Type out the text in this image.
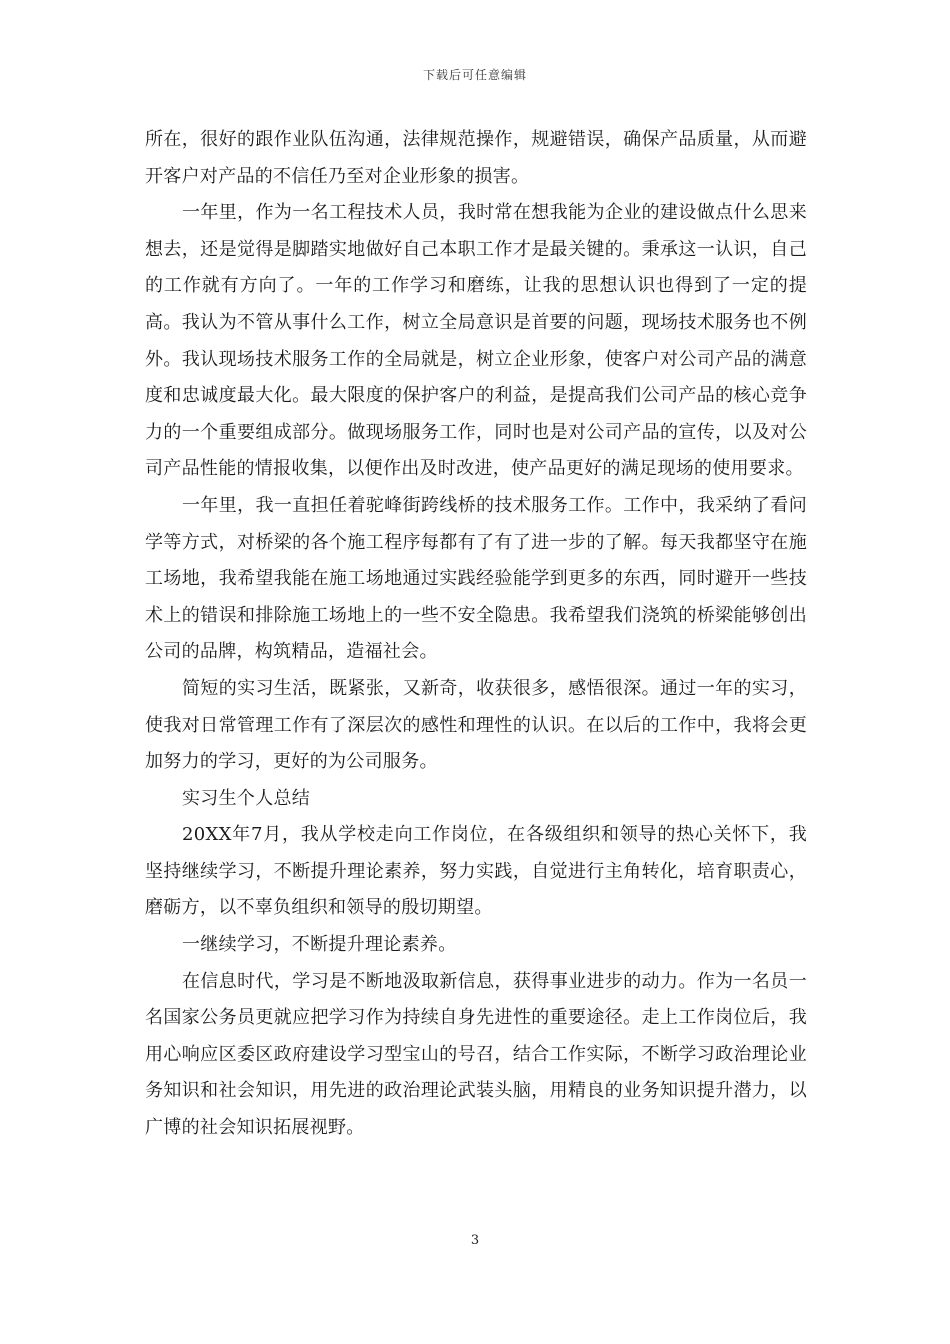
下载后可任意编辑

所在，很好的跟作业队伍沟通，法律规范操作，规避错误，确保产品质量，从而避开客户对产品的不信任乃至对企业形象的损害。

一年里，作为一名工程技术人员，我时常在想我能为企业的建设做点什么思来想去，还是觉得是脚踏实地做好自己本职工作才是最关键的。秉承这一认识，自己的工作就有方向了。一年的工作学习和磨练，让我的思想认识也得到了一定的提高。我认为不管从事什么工作，树立全局意识是首要的问题，现场技术服务也不例外。我认现场技术服务工作的全局就是，树立企业形象，使客户对公司产品的满意度和忠诚度最大化。最大限度的保护客户的利益，是提高我们公司产品的核心竞争力的一个重要组成部分。做现场服务工作，同时也是对公司产品的宣传，以及对公司产品性能的情报收集，以便作出及时改进，使产品更好的满足现场的使用要求。

一年里，我一直担任着驼峰街跨线桥的技术服务工作。工作中，我采纳了看问学等方式，对桥梁的各个施工程序每都有了有了进一步的了解。每天我都坚守在施工场地，我希望我能在施工场地通过实践经验能学到更多的东西，同时避开一些技术上的错误和排除施工场地上的一些不安全隐患。我希望我们浇筑的桥梁能够创出公司的品牌，构筑精品，造福社会。

简短的实习生活，既紧张，又新奇，收获很多，感悟很深。通过一年的实习，使我对日常管理工作有了深层次的感性和理性的认识。在以后的工作中，我将会更加努力的学习，更好的为公司服务。

实习生个人总结

20XX年7月，我从学校走向工作岗位，在各级组织和领导的热心关怀下，我坚持继续学习，不断提升理论素养，努力实践，自觉进行主角转化，培育职责心，磨砺方，以不辜负组织和领导的殷切期望。

一继续学习，不断提升理论素养。

在信息时代，学习是不断地汲取新信息，获得事业进步的动力。作为一名员一名国家公务员更就应把学习作为持续自身先进性的重要途径。走上工作岗位后，我用心响应区委区政府建设学习型宝山的号召，结合工作实际，不断学习政治理论业务知识和社会知识，用先进的政治理论武装头脑，用精良的业务知识提升潜力，以广博的社会知识拓展视野。

3
